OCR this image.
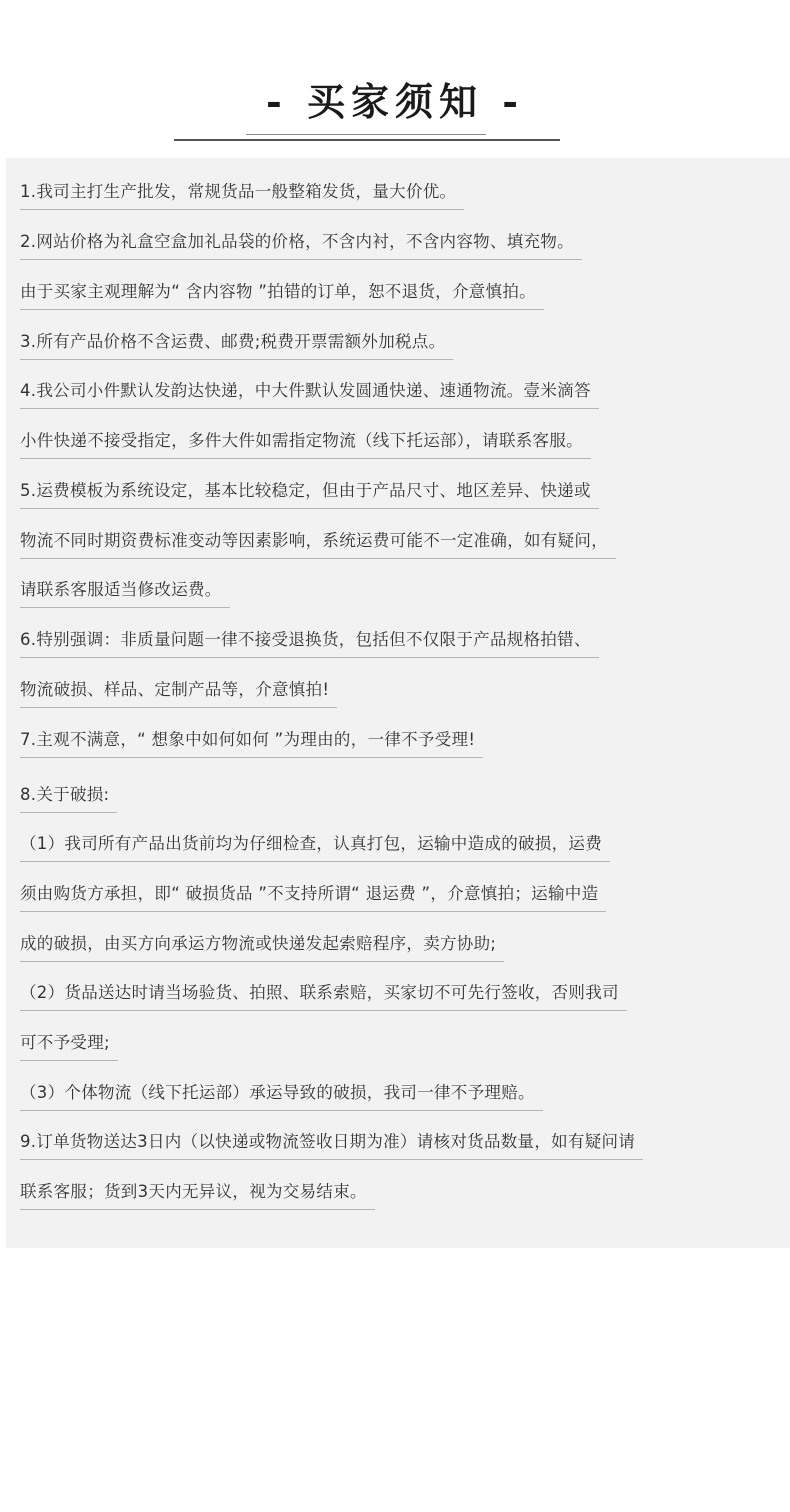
- 买家须知 -
1.我司主打生产批发，常规货品一般整箱发货，量大价优。
2.网站价格为礼盒空盒加礼品袋的价格，不含内衬，不含内容物、填充物。
由于买家主观理解为“ 含内容物 ”拍错的订单，恕不退货，介意慎拍。
3.所有产品价格不含运费、邮费;税费开票需额外加税点。
4.我公司小件默认发韵达快递，中大件默认发圆通快递、速通物流。壹米滴答
小件快递不接受指定，多件大件如需指定物流（线下托运部），请联系客服。
5.运费模板为系统设定，基本比较稳定，但由于产品尺寸、地区差异、快递或
物流不同时期资费标准变动等因素影响，系统运费可能不一定准确，如有疑问，
请联系客服适当修改运费。
6.特别强调：非质量问题一律不接受退换货，包括但不仅限于产品规格拍错、
物流破损、样品、定制产品等，介意慎拍!
7.主观不满意，“ 想象中如何如何 ”为理由的，一律不予受理!
8.关于破损:
（1）我司所有产品出货前均为仔细检查，认真打包，运输中造成的破损，运费
须由购货方承担，即“ 破损货品 ”不支持所谓“ 退运费 ”，介意慎拍；运输中造
成的破损，由买方向承运方物流或快递发起索赔程序，卖方协助;
（2）货品送达时请当场验货、拍照、联系索赔，买家切不可先行签收，否则我司
可不予受理;
（3）个体物流（线下托运部）承运导致的破损，我司一律不予理赔。
9.订单货物送达3日内（以快递或物流签收日期为准）请核对货品数量，如有疑问请
联系客服；货到3天内无异议，视为交易结束。
